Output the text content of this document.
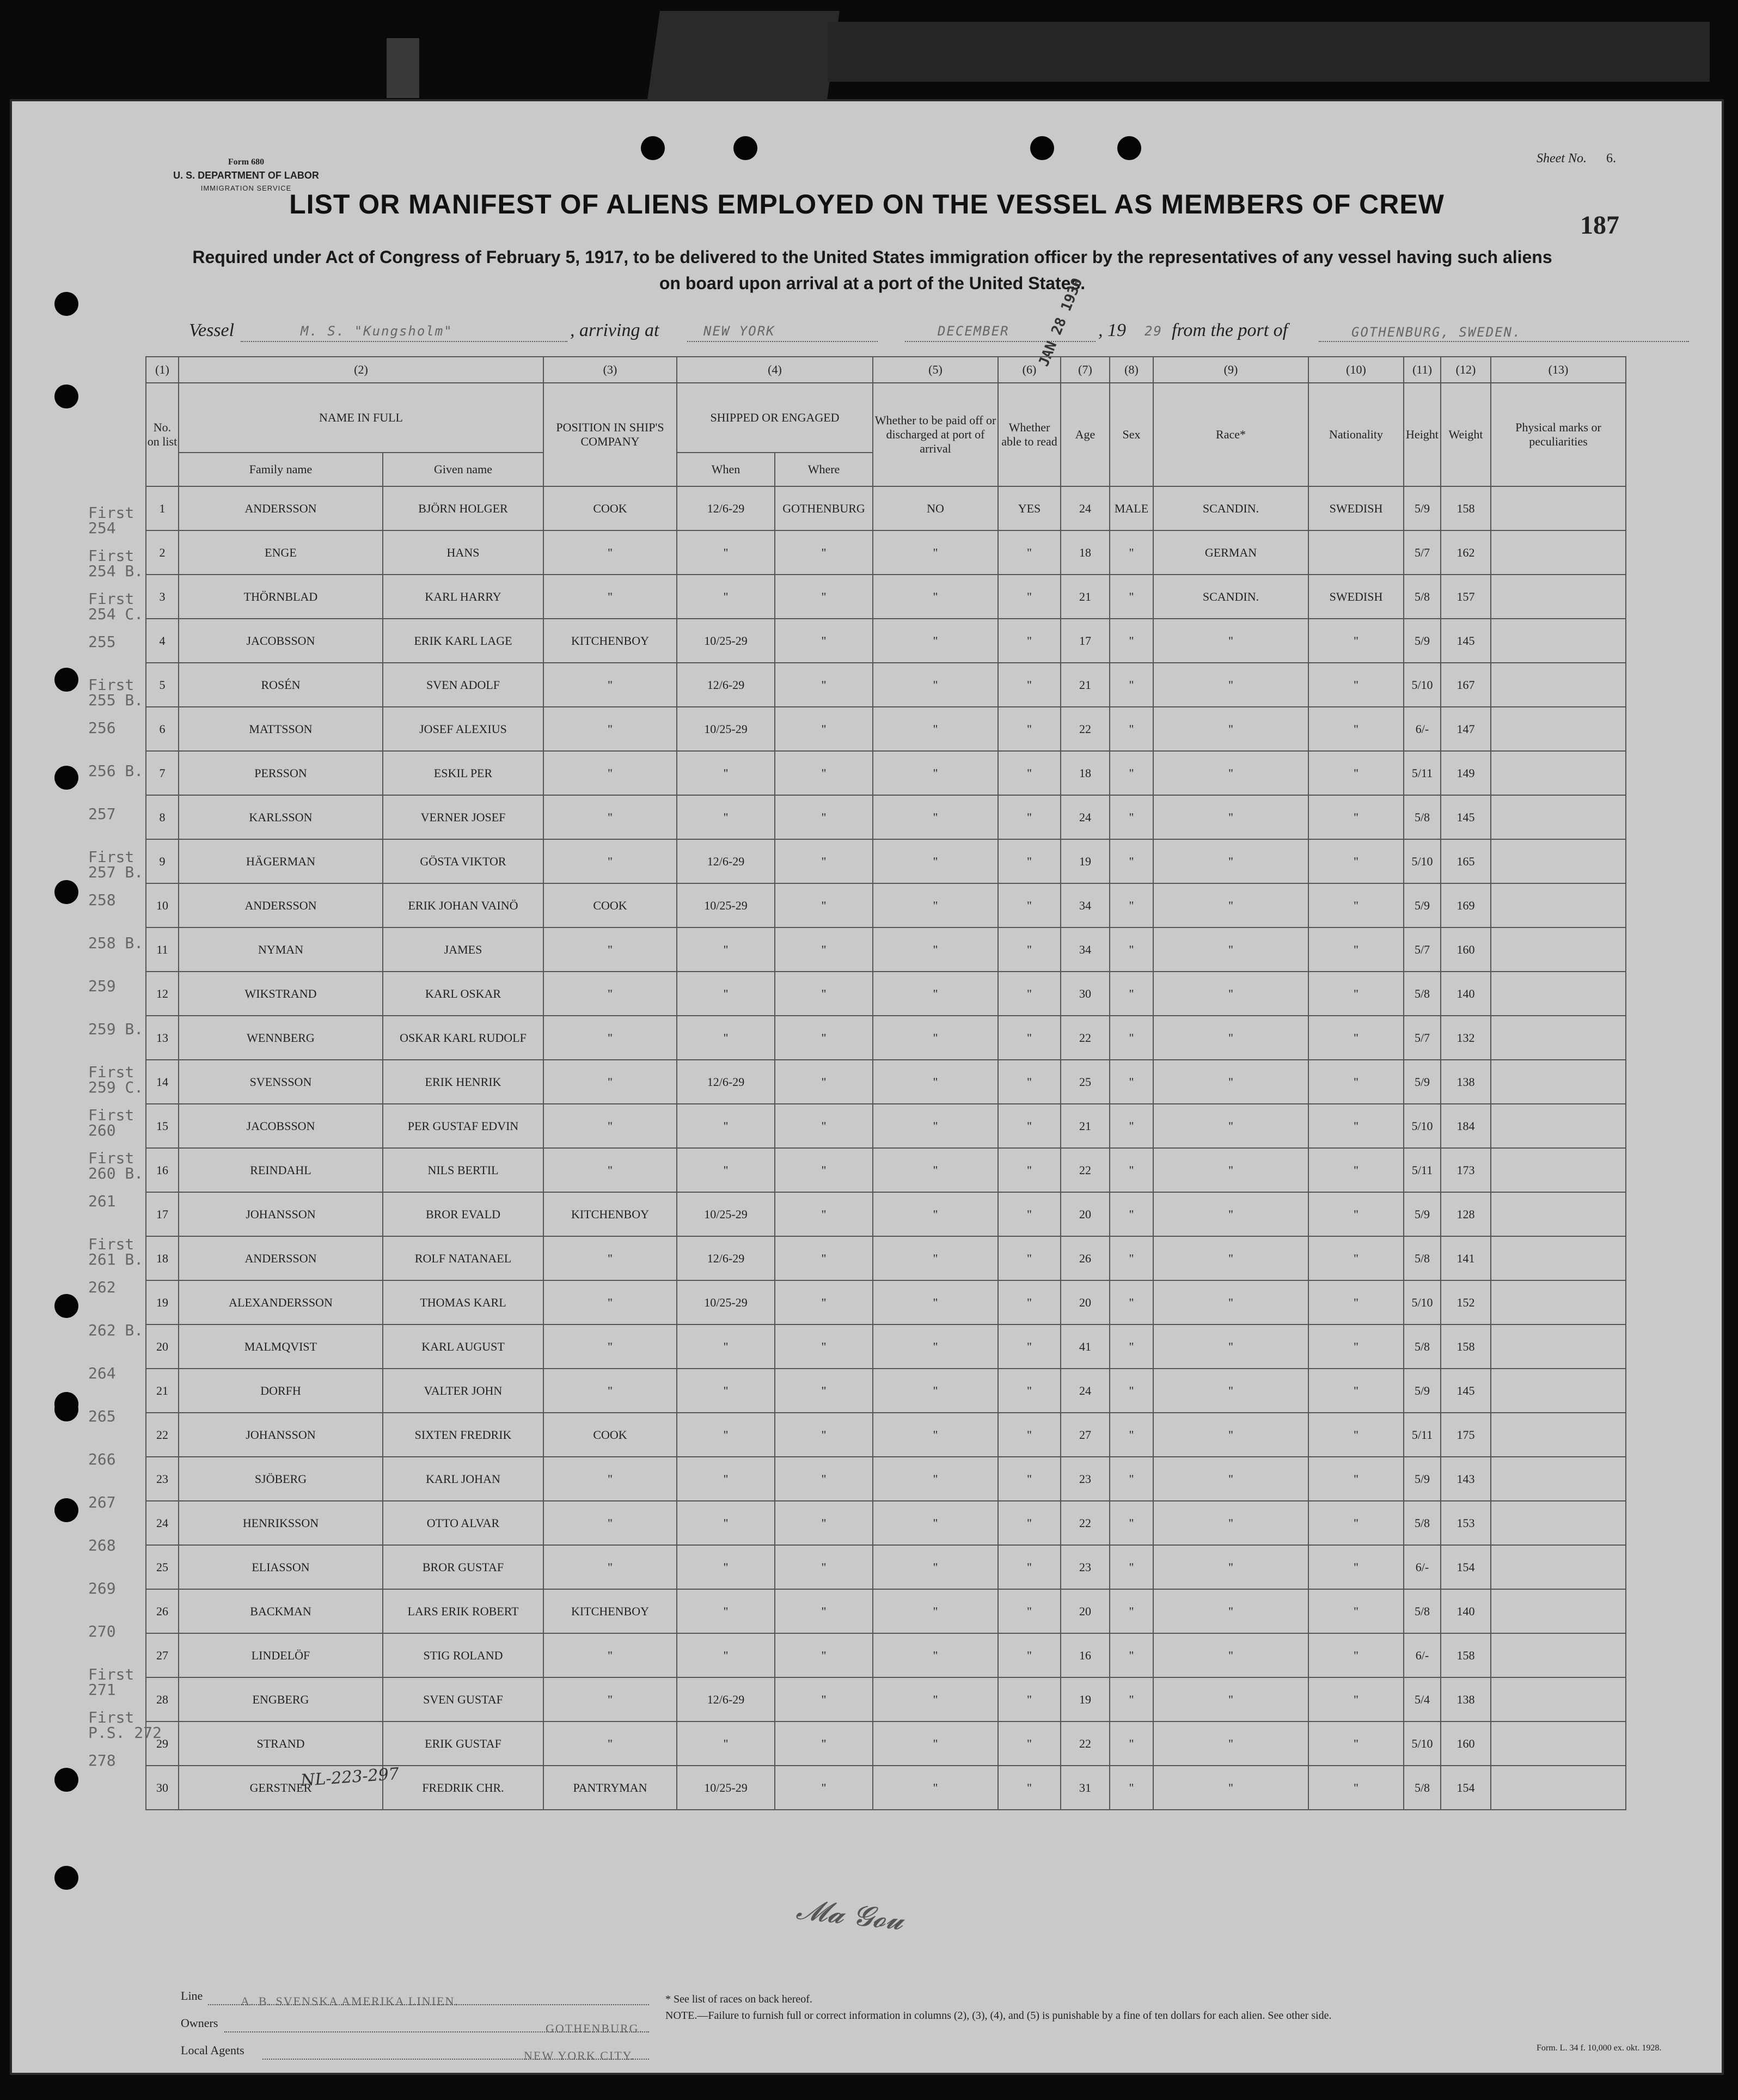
Form 680
U. S. DEPARTMENT OF LABOR
IMMIGRATION SERVICE
Sheet No. 6.
187
LIST OR MANIFEST OF ALIENS EMPLOYED ON THE VESSEL AS MEMBERS OF CREW
Required under Act of Congress of February 5, 1917, to be delivered to the United States immigration officer by the representatives of any vessel having such aliens
on board upon arrival at a port of the United States.
Vessel	M. S. "Kungsholm"	, arriving at	NEW YORK	DECEMBER	, 19 29 from the port of	GOTHENBURG, SWEDEN.
JAN 28 1930
(1)	(2)		(3)	(4)		(5)	(6)	(7)	(8)	(9)	(10)	(11)	(12)	(13)
No. on list	NAME IN FULL		POSITION IN SHIP'S COMPANY	SHIPPED OR ENGAGED		Whether to be paid off or discharged at port of arrival	Whether able to read	Age	Sex	Race*	Nationality	Height	Weight	Physical marks or peculiarities
	Family name	Given name		When	Where									
1	ANDERSSON	BJÖRN HOLGER	COOK	12/6-29	GOTHENBURG	NO	YES	24	MALE	SCANDIN.	SWEDISH	5/9	158	
2	ENGE	HANS	"	"	"	"	"	18	"	GERMAN		5/7	162	
3	THÖRNBLAD	KARL HARRY	"	"	"	"	"	21	"	SCANDIN.	SWEDISH	5/8	157	
4	JACOBSSON	ERIK KARL LAGE	KITCHENBOY	10/25-29	"	"	"	17	"	"	"	5/9	145	
5	ROSÉN	SVEN ADOLF	"	12/6-29	"	"	"	21	"	"	"	5/10	167	
6	MATTSSON	JOSEF ALEXIUS	"	10/25-29	"	"	"	22	"	"	"	6/-	147	
7	PERSSON	ESKIL PER	"	"	"	"	"	18	"	"	"	5/11	149	
8	KARLSSON	VERNER JOSEF	"	"	"	"	"	24	"	"	"	5/8	145	
9	HÄGERMAN	GÖSTA VIKTOR	"	12/6-29	"	"	"	19	"	"	"	5/10	165	
10	ANDERSSON	ERIK JOHAN VAINÖ	COOK	10/25-29	"	"	"	34	"	"	"	5/9	169	
11	NYMAN	JAMES	"	"	"	"	"	34	"	"	"	5/7	160	
12	WIKSTRAND	KARL OSKAR	"	"	"	"	"	30	"	"	"	5/8	140	
13	WENNBERG	OSKAR KARL RUDOLF	"	"	"	"	"	22	"	"	"	5/7	132	
14	SVENSSON	ERIK HENRIK	"	12/6-29	"	"	"	25	"	"	"	5/9	138	
15	JACOBSSON	PER GUSTAF EDVIN	"	"	"	"	"	21	"	"	"	5/10	184	
16	REINDAHL	NILS BERTIL	"	"	"	"	"	22	"	"	"	5/11	173	
17	JOHANSSON	BROR EVALD	KITCHENBOY	10/25-29	"	"	"	20	"	"	"	5/9	128	
18	ANDERSSON	ROLF NATANAEL	"	12/6-29	"	"	"	26	"	"	"	5/8	141	
19	ALEXANDERSSON	THOMAS KARL	"	10/25-29	"	"	"	20	"	"	"	5/10	152	
20	MALMQVIST	KARL AUGUST	"	"	"	"	"	41	"	"	"	5/8	158	
21	DORFH	VALTER JOHN	"	"	"	"	"	24	"	"	"	5/9	145	
22	JOHANSSON	SIXTEN FREDRIK	COOK	"	"	"	"	27	"	"	"	5/11	175	
23	SJÖBERG	KARL JOHAN	"	"	"	"	"	23	"	"	"	5/9	143	
24	HENRIKSSON	OTTO ALVAR	"	"	"	"	"	22	"	"	"	5/8	153	
25	ELIASSON	BROR GUSTAF	"	"	"	"	"	23	"	"	"	6/-	154	
26	BACKMAN	LARS ERIK ROBERT	KITCHENBOY	"	"	"	"	20	"	"	"	5/8	140	
27	LINDELÖF	STIG ROLAND	"	"	"	"	"	16	"	"	"	6/-	158	
28	ENGBERG	SVEN GUSTAF	"	12/6-29	"	"	"	19	"	"	"	5/4	138	
29	STRAND	ERIK GUSTAF	"	"	"	"	"	22	"	"	"	5/10	160	
30	GERSTNER	FREDRIK CHR.	PANTRYMAN	10/25-29	"	"	"	31	"	"	"	5/8	154	
First 254
First 254 B.
First 254 C.
255
First 255 B.
256
256 B.
257
First 257 B.
258
258 B.
259
259 B.
First 259 C.
First 260
First 260 B.
261
First 261 B.
262
262 B.
264
265
266
267
268
269
270
First 271
First P.S. 272
278
NL-223-297
𝓜𝓪 𝓖𝓸𝓾
Line	A. B. SVENSKA AMERIKA LINIEN.
Owners	GOTHENBURG.
Local Agents	NEW YORK CITY.
* See list of races on back hereof.
NOTE.—Failure to furnish full or correct information in columns (2), (3), (4), and (5) is punishable by a fine of ten dollars for each alien. See other side.
Form. L. 34 f. 10,000 ex. okt. 1928.
